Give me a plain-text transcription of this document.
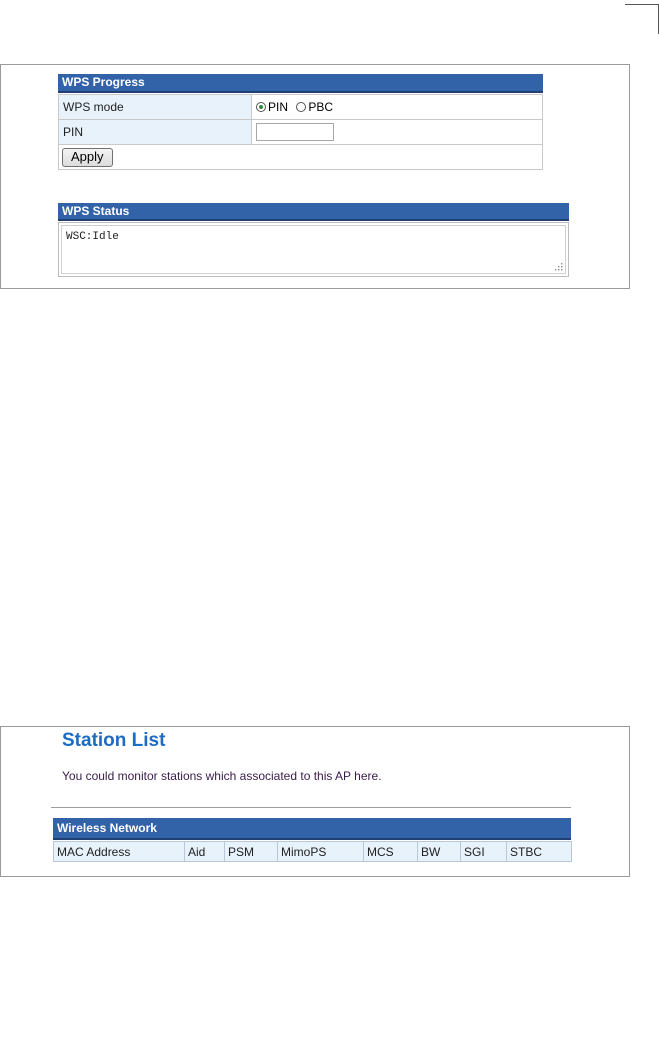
WPS Progress
WPS mode	PIN PBC
PIN	
Apply	
WPS Status
WSC:Idle
Station List
You could monitor stations which associated to this AP here.
Wireless Network
MAC Address	Aid	PSM	MimoPS	MCS	BW	SGI	STBC
